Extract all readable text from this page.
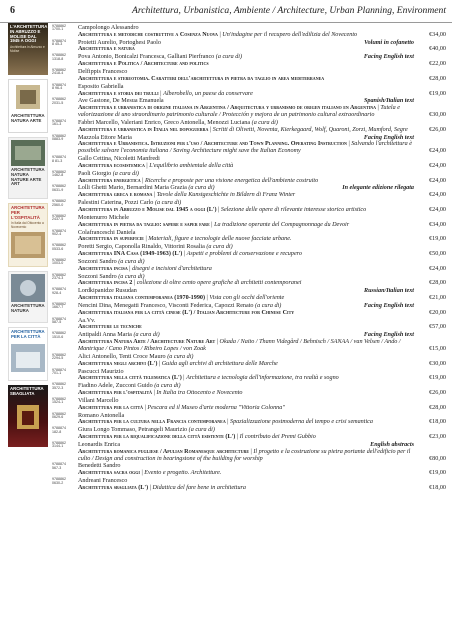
6	Architettura, Urbanistica, Ambiente / Architecture, Urban Planning, Environment
L'ARCHITETTURA IN ABRUZZO E MOLISE DAL 1945 A OGGI
Architettura in Abruzzo e Molise
ARCHITETTURA NATURA ARTE
ARCHITETTURA NATURA NATURE ARTE ART
ARCHITETTURA PER L'OSPITALITÀ
In Italia dal Ottocento a Novecento
ARCHITETTURA NATURA
ARCHITETTURA PER LA CITTÀ
ARCHITETTURA SBAGLIATA
9788862
1700-1	Campolongo Alessandro
Architettura e metodiche costruttive a Cosenza Nuova | Un'indagine per il recupero dell'edilizia del Novecento	€34,00
9788874
8 45-3	Volumi in cofanetto
Proietti Aurelio, Portoghesi Paolo
Architettura e natura	€40,00
9788862
1318-8	Facing English text
Pova Antonio, Bonicalzi Francesca, Galliani Pierfranco (a cura di)
Architettura e Politica / Architecture and politics	€22,00
9788862
2418-4	Delfippis Francesco
Architettura e stereotomia. Caratteri dell'architettura in pietra da taglio in area mediterranea	€28,00
9788874
8 96-4	Esposito Gabriella
Architettura e storia dei trulli | Alberobello, un paese da conservare	€19,00
9788862
2031-5	Spanish/Italian text
Ave Gastone, De Mesua Emanuela
Architettura e urbanistica di origine italiana in Argentina / Arquitectura y urbanismo de origen italiano en Argentina | Tutela e valorizzazione di uno straordinario patrimonio culturale / Protección y mejora de un patrimonio cultural extraordinario	€30,00
9788874
161-3	Fabbri Marcello, Valeriani Enrico, Greco Antonella, Menozzi Luciana (a cura di)
Architettura e urbanistica in Italia nel dopoguerra | Scritti di Olivetti, Noventa, Kierkegaard, Wolf, Quaroni, Zorzi, Mumford, Segre	€26,00
9788862
0883-9	Facing English text
Mazzola Ettore Maria
Architettura e Urbanistica. Istruzioni per l'uso / Architecture and Town Planning. Operating Instruction | Salvando l'architettura è possibile salvare l'economia italiana / Saving Architecture might save the Italian Economy	€24,00
9788874
8 81-3	Gallo Cettina, Nicoletti Manfredi
Architettura ecosistemica | L'equilibrio ambientale della città	€24,00
9788862
1462-8	Paoli Giorgio (a cura di)
Architettura energetica | Ricerche e proposte per una visione energetica dell'ambiente costruito	€24,00
9788862
0631-9	In elegante edizione rilegata
Lolli Ghetti Mario, Bernardini Maria Grazia (a cura di)
Architettura greca e romana | Tavole della Kunstgeschichte in Bildern di Franz Winter	€24,00
9788862
2560-0	Palestini Caterina, Pozzi Carlo (a cura di)
Architettura in Abruzzo e Molise dal 1945 a oggi (L') | Selezione delle opere di rilevante interesse storico artistico	€24,00
9788862
2437-5	Montenurro Michele
Architettura in pietra da taglio: sapere e saper fare | La tradizione operante del Compagnonnage du Devoir	€34,00
9788874
902-4	Colafranceschi Daniela
Architettura in superficie | Materiali, figure e tecnologie delle nuove facciate urbane.	€19,00
9788862
0533-6	Poretti Sergio, Caponolla Rinaldo, Vittorini Rosalia (a cura di)
Architettura INA Casa (1949-1963) (L') | Aspetti e problemi di conservazione e recupero	€50,00
9788862
1003-0	Sozzoni Sandro (a cura di)
Architettura incisa | disegni e incisioni d'architettura	€24,00
9788862
2374-3	Sozzoni Sandro (a cura di)
Architettura incisa 2 | collezione di oltre cento opere grafiche di architetti contemporanei	€28,00
9788874
928-4	Russian/Italian text
Lordkipanidze Rusudan
Architettura italiana contemporanea (1970-1990) | Vista con gli occhi dell'oriente	€21,00
9788862
1667-7	Facing English text
Nencini Dina, Menegatti Francesco, Visconti Federica, Capozzi Renato (a cura di)
Architettura italiana per la città cinese (L') / Italian Architecture for Chinese City	€20,00
9788874
587-5	Aa.Vv.
Architetture le tecniche	€57,00
9788862
1510-6	Facing English text
Antipaldi Anna Maria (a cura di)
Architettura Natura Arte / Architecture Nature Art | Okada / Naito / Thann Videgård / Behnisch / SANAA / van Velsen / Ando / Mantrique / Cano Pintos / Ribeiro Lopes / von Zoak	€15,00
9788862
2294-5	Alici Antonello, Tenti Croce Mauro (a cura di)
Architettura negli archivi (L') | Guida agli archivi di architettura delle Marche	€30,00
9788874
701-1	Pascucci Maurizio
Architettura nella città telematica (L') | Architettura e tecnologia dell'informazione, tra realtà e sogno	€19,00
9788862
3572-3	Fiadino Adele, Zucconi Guido (a cura di)
Architettura per l'ospitalità | In Italia tra Ottocento e Novecento	€26,00
9788862
1524-1	Villani Marcello
Architettura per la città | Pescara ed il Museo d'arte moderna "Vittoria Colonna"	€28,00
9788862
0629-6	Romano Antonella
Architettura per la cultura nella Francia contemporanea | Spazializzazione postmoderna del tempo e crisi semantica	€18,00
9788874
182-8	Giura Longo Tommaso, Petrangeli Maurizio (a cura di)
Architettura per la riqualificazione della città esistente (L') | Il contributo dei Premi Gubbio	€23,00
9788862
3144-1	English abstracts
Leonardis Enrica
Architettura romanica pugliese / Apulian Romanesque architecture | Il progetto e la costruzione su pietra portante dell'edificio per il culto / Design and construction in bearingstone of the building for worship	€80,00
9788874
567-3	Benedetti Sandro
Architettura sacra oggi | Evento e progetto. Architetture.	€19,00
9788862
0630-2	Andreani Francesco
Architettura sbagliata (L') | Didattica del fare bene in architettura	€18,00
